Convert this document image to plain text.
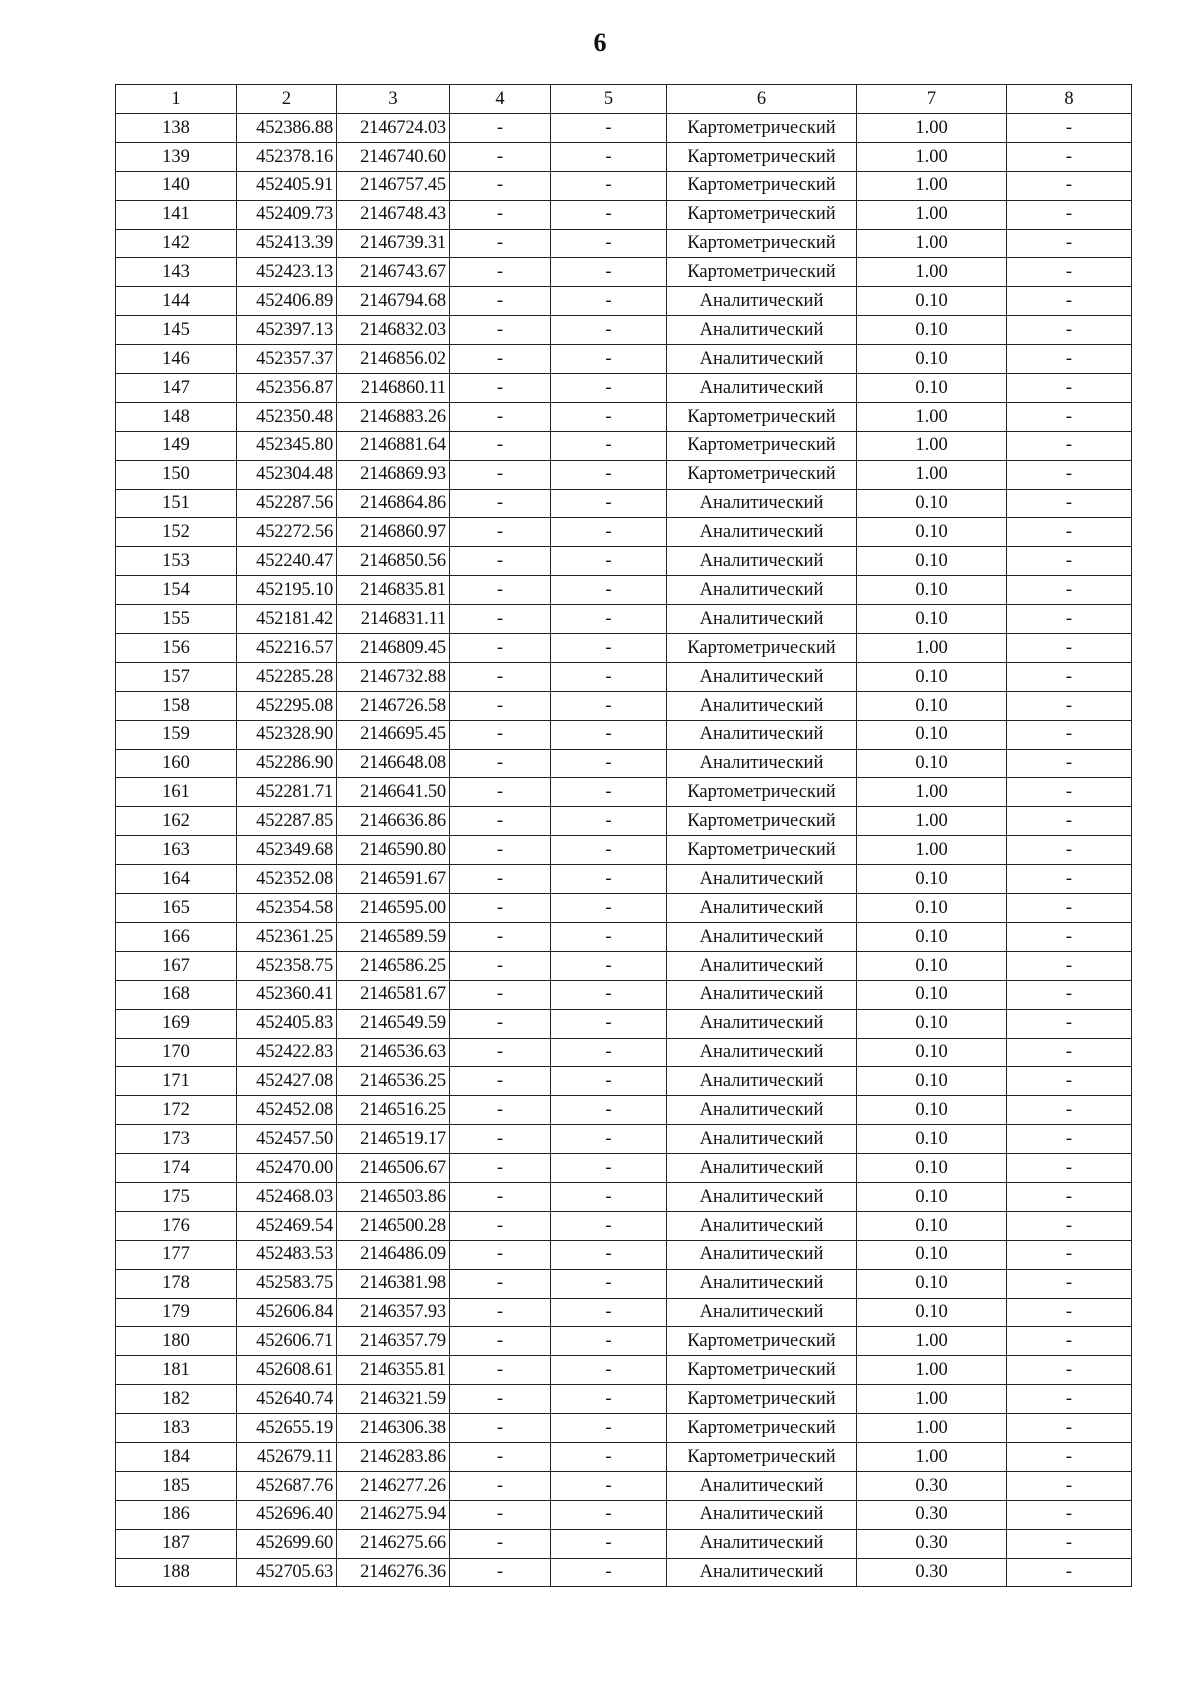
6
1	2	3	4	5	6	7	8
138	452386.88	2146724.03	-	-	Картометрический	1.00	-
139	452378.16	2146740.60	-	-	Картометрический	1.00	-
140	452405.91	2146757.45	-	-	Картометрический	1.00	-
141	452409.73	2146748.43	-	-	Картометрический	1.00	-
142	452413.39	2146739.31	-	-	Картометрический	1.00	-
143	452423.13	2146743.67	-	-	Картометрический	1.00	-
144	452406.89	2146794.68	-	-	Аналитический	0.10	-
145	452397.13	2146832.03	-	-	Аналитический	0.10	-
146	452357.37	2146856.02	-	-	Аналитический	0.10	-
147	452356.87	2146860.11	-	-	Аналитический	0.10	-
148	452350.48	2146883.26	-	-	Картометрический	1.00	-
149	452345.80	2146881.64	-	-	Картометрический	1.00	-
150	452304.48	2146869.93	-	-	Картометрический	1.00	-
151	452287.56	2146864.86	-	-	Аналитический	0.10	-
152	452272.56	2146860.97	-	-	Аналитический	0.10	-
153	452240.47	2146850.56	-	-	Аналитический	0.10	-
154	452195.10	2146835.81	-	-	Аналитический	0.10	-
155	452181.42	2146831.11	-	-	Аналитический	0.10	-
156	452216.57	2146809.45	-	-	Картометрический	1.00	-
157	452285.28	2146732.88	-	-	Аналитический	0.10	-
158	452295.08	2146726.58	-	-	Аналитический	0.10	-
159	452328.90	2146695.45	-	-	Аналитический	0.10	-
160	452286.90	2146648.08	-	-	Аналитический	0.10	-
161	452281.71	2146641.50	-	-	Картометрический	1.00	-
162	452287.85	2146636.86	-	-	Картометрический	1.00	-
163	452349.68	2146590.80	-	-	Картометрический	1.00	-
164	452352.08	2146591.67	-	-	Аналитический	0.10	-
165	452354.58	2146595.00	-	-	Аналитический	0.10	-
166	452361.25	2146589.59	-	-	Аналитический	0.10	-
167	452358.75	2146586.25	-	-	Аналитический	0.10	-
168	452360.41	2146581.67	-	-	Аналитический	0.10	-
169	452405.83	2146549.59	-	-	Аналитический	0.10	-
170	452422.83	2146536.63	-	-	Аналитический	0.10	-
171	452427.08	2146536.25	-	-	Аналитический	0.10	-
172	452452.08	2146516.25	-	-	Аналитический	0.10	-
173	452457.50	2146519.17	-	-	Аналитический	0.10	-
174	452470.00	2146506.67	-	-	Аналитический	0.10	-
175	452468.03	2146503.86	-	-	Аналитический	0.10	-
176	452469.54	2146500.28	-	-	Аналитический	0.10	-
177	452483.53	2146486.09	-	-	Аналитический	0.10	-
178	452583.75	2146381.98	-	-	Аналитический	0.10	-
179	452606.84	2146357.93	-	-	Аналитический	0.10	-
180	452606.71	2146357.79	-	-	Картометрический	1.00	-
181	452608.61	2146355.81	-	-	Картометрический	1.00	-
182	452640.74	2146321.59	-	-	Картометрический	1.00	-
183	452655.19	2146306.38	-	-	Картометрический	1.00	-
184	452679.11	2146283.86	-	-	Картометрический	1.00	-
185	452687.76	2146277.26	-	-	Аналитический	0.30	-
186	452696.40	2146275.94	-	-	Аналитический	0.30	-
187	452699.60	2146275.66	-	-	Аналитический	0.30	-
188	452705.63	2146276.36	-	-	Аналитический	0.30	-
